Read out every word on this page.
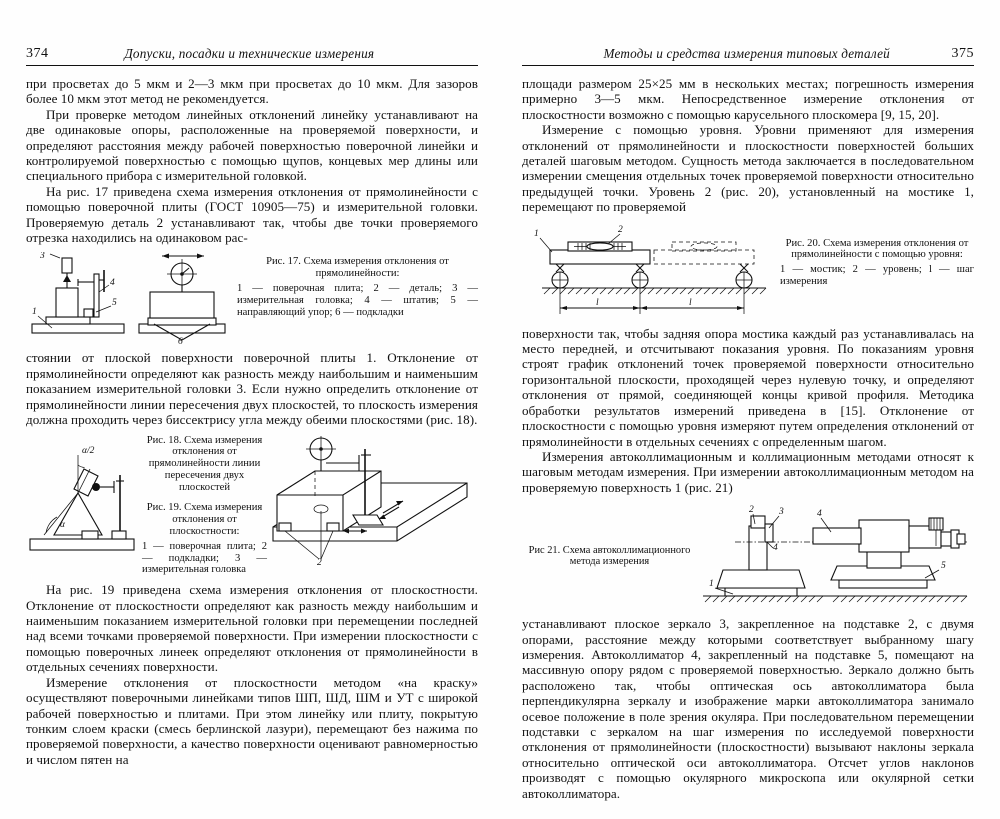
374	Допуски, посадки и технические измерения

при просветах до 5 мкм и 2—3 мкм при просветах до 10 мкм. Для зазоров более 10 мкм этот метод не рекомендуется.

При проверке методом линейных отклонений линейку устанавливают на две одинаковые опоры, расположенные на проверяемой поверхности, и определяют расстояния между рабочей поверхностью поверочной линейки и контролируемой поверхностью с помощью щупов, концевых мер длины или специального прибора с измерительной головкой.

На рис. 17 приведена схема измерения отклонения от прямолинейности с помощью поверочной плиты (ГОСТ 10905—75) и измерительной головки. Проверяемую деталь 2 устанавливают так, чтобы две точки проверяемого отрезка находились на одинаковом рас-

3
4
5
1
6
Рис. 17. Схема измерения отклонения от прямолинейности:
1 — поверочная плита; 2 — деталь; 3 — измерительная головка; 4 — штатив; 5 — направляющий упор; 6 — подкладки

стоянии от плоской поверхности поверочной плиты 1. Отклонение от прямолинейности определяют как разность между наибольшим и наименьшим показанием измерительной головки 3. Если нужно определить отклонение от прямолинейности линии пересечения двух плоскостей, то плоскость измерения должна проходить через биссектрису угла между обеими плоскостями (рис. 18).

α/2
α
Рис. 18. Схема измерения отклонения от прямолинейности линии пересечения двух плоскостей
Рис. 19. Схема измерения отклонения от плоскостности:
1 — поверочная плита; 2 — подкладки; 3 — измерительная головка
2

На рис. 19 приведена схема измерения отклонения от плоскостности. Отклонение от плоскостности определяют как разность между наибольшим и наименьшим показанием измерительной головки при перемещении последней над всеми точками проверяемой поверхности. При измерении плоскостности с помощью поверочных линеек определяют отклонения от прямолинейности в отдельных сечениях поверхности.

Измерение отклонения от плоскостности методом «на краску» осуществляют поверочными линейками типов ШП, ШД, ШМ и УТ с широкой рабочей поверхностью и плитами. При этом линейку или плиту, покрытую тонким слоем краски (смесь берлинской лазури), перемещают без нажима по проверяемой поверхности, а качество поверхности оценивают равномерностью и числом пятен на

Методы и средства измерения типовых деталей	375

площади размером 25×25 мм в нескольких местах; погрешность измерения примерно 3—5 мкм. Непосредственное измерение отклонения от плоскостности возможно с помощью карусельного плоскомера [9, 15, 20].

Измерение с помощью уровня. Уровни применяют для измерения отклонений от прямолинейности и плоскостности поверхностей больших деталей шаговым методом. Сущность метода заключается в последовательном измерении смещения отдельных точек проверяемой поверхности относительно предыдущей точки. Уровень 2 (рис. 20), установленный на мостике 1, перемещают по проверяемой

1	2
l	l
Рис. 20. Схема измерения отклонения от прямолинейности с помощью уровня:
1 — мостик; 2 — уровень; l — шаг измерения

поверхности так, чтобы задняя опора мостика каждый раз устанавливалась на место передней, и отсчитывают показания уровня. По показаниям уровня строят график отклонений точек проверяемой поверхности относительно горизонтальной плоскости, проходящей через нулевую точку, и определяют отклонения от прямой, соединяющей концы кривой профиля. Методика обработки результатов измерений приведена в [15]. Отклонение от плоскостности с помощью уровня измеряют путем определения отклонений от прямолинейности в отдельных сечениях с определенным шагом.

Измерения автоколлимационным и коллимационным методами относят к шаговым методам измерения. При измерении автоколлимационным методом на проверяемую поверхность 1 (рис. 21)

Рис 21. Схема автоколлимационного метода измерения
1
2	3
4
5
4

устанавливают плоское зеркало 3, закрепленное на подставке 2, с двумя опорами, расстояние между которыми соответствует выбранному шагу измерения. Автоколлиматор 4, закрепленный на подставке 5, помещают на массивную опору рядом с проверяемой поверхностью. Зеркало должно быть расположено так, чтобы оптическая ось автоколлиматора была перпендикулярна зеркалу и изображение марки автоколлиматора занимало осевое положение в поле зрения окуляра. При последовательном перемещении подставки с зеркалом на шаг измерения по исследуемой поверхности отклонения от прямолинейности (плоскостности) вызывают наклоны зеркала относительно оптической оси автоколлиматора. Отсчет углов наклонов производят с помощью окулярного микроскопа или окулярной сетки автоколлиматора.
